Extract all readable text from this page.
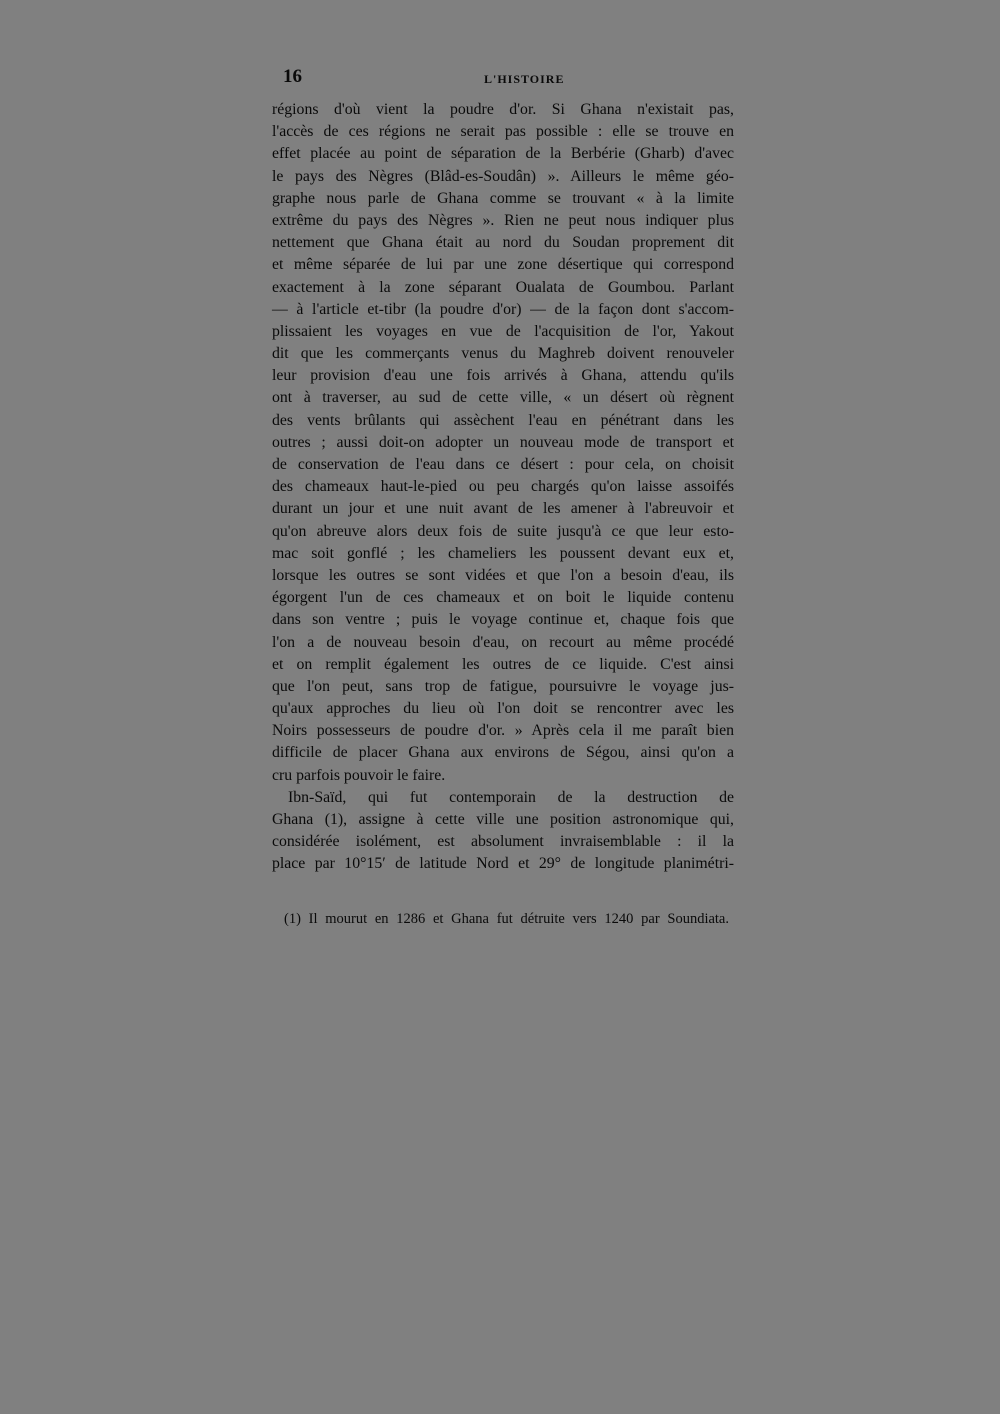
16	L'HISTOIRE
régions d'où vient la poudre d'or. Si Ghana n'existait pas,
l'accès de ces régions ne serait pas possible : elle se trouve en
effet placée au point de séparation de la Berbérie (Gharb) d'avec
le pays des Nègres (Blâd-es-Soudân) ». Ailleurs le même géo-
graphe nous parle de Ghana comme se trouvant « à la limite
extrême du pays des Nègres ». Rien ne peut nous indiquer plus
nettement que Ghana était au nord du Soudan proprement dit
et même séparée de lui par une zone désertique qui correspond
exactement à la zone séparant Oualata de Goumbou. Parlant
— à l'article et-tibr (la poudre d'or) — de la façon dont s'accom-
plissaient les voyages en vue de l'acquisition de l'or, Yakout
dit que les commerçants venus du Maghreb doivent renouveler
leur provision d'eau une fois arrivés à Ghana, attendu qu'ils
ont à traverser, au sud de cette ville, « un désert où règnent
des vents brûlants qui assèchent l'eau en pénétrant dans les
outres ; aussi doit-on adopter un nouveau mode de transport et
de conservation de l'eau dans ce désert : pour cela, on choisit
des chameaux haut-le-pied ou peu chargés qu'on laisse assoifés
durant un jour et une nuit avant de les amener à l'abreuvoir et
qu'on abreuve alors deux fois de suite jusqu'à ce que leur esto-
mac soit gonflé ; les chameliers les poussent devant eux et,
lorsque les outres se sont vidées et que l'on a besoin d'eau, ils
égorgent l'un de ces chameaux et on boit le liquide contenu
dans son ventre ; puis le voyage continue et, chaque fois que
l'on a de nouveau besoin d'eau, on recourt au même procédé
et on remplit également les outres de ce liquide. C'est ainsi
que l'on peut, sans trop de fatigue, poursuivre le voyage jus-
qu'aux approches du lieu où l'on doit se rencontrer avec les
Noirs possesseurs de poudre d'or. » Après cela il me paraît bien
difficile de placer Ghana aux environs de Ségou, ainsi qu'on a
cru parfois pouvoir le faire.
Ibn-Saïd, qui fut contemporain de la destruction de
Ghana (1), assigne à cette ville une position astronomique qui,
considérée isolément, est absolument invraisemblable : il la
place par 10°15′ de latitude Nord et 29° de longitude planimétri-
(1) Il mourut en 1286 et Ghana fut détruite vers 1240 par Soundiata.
